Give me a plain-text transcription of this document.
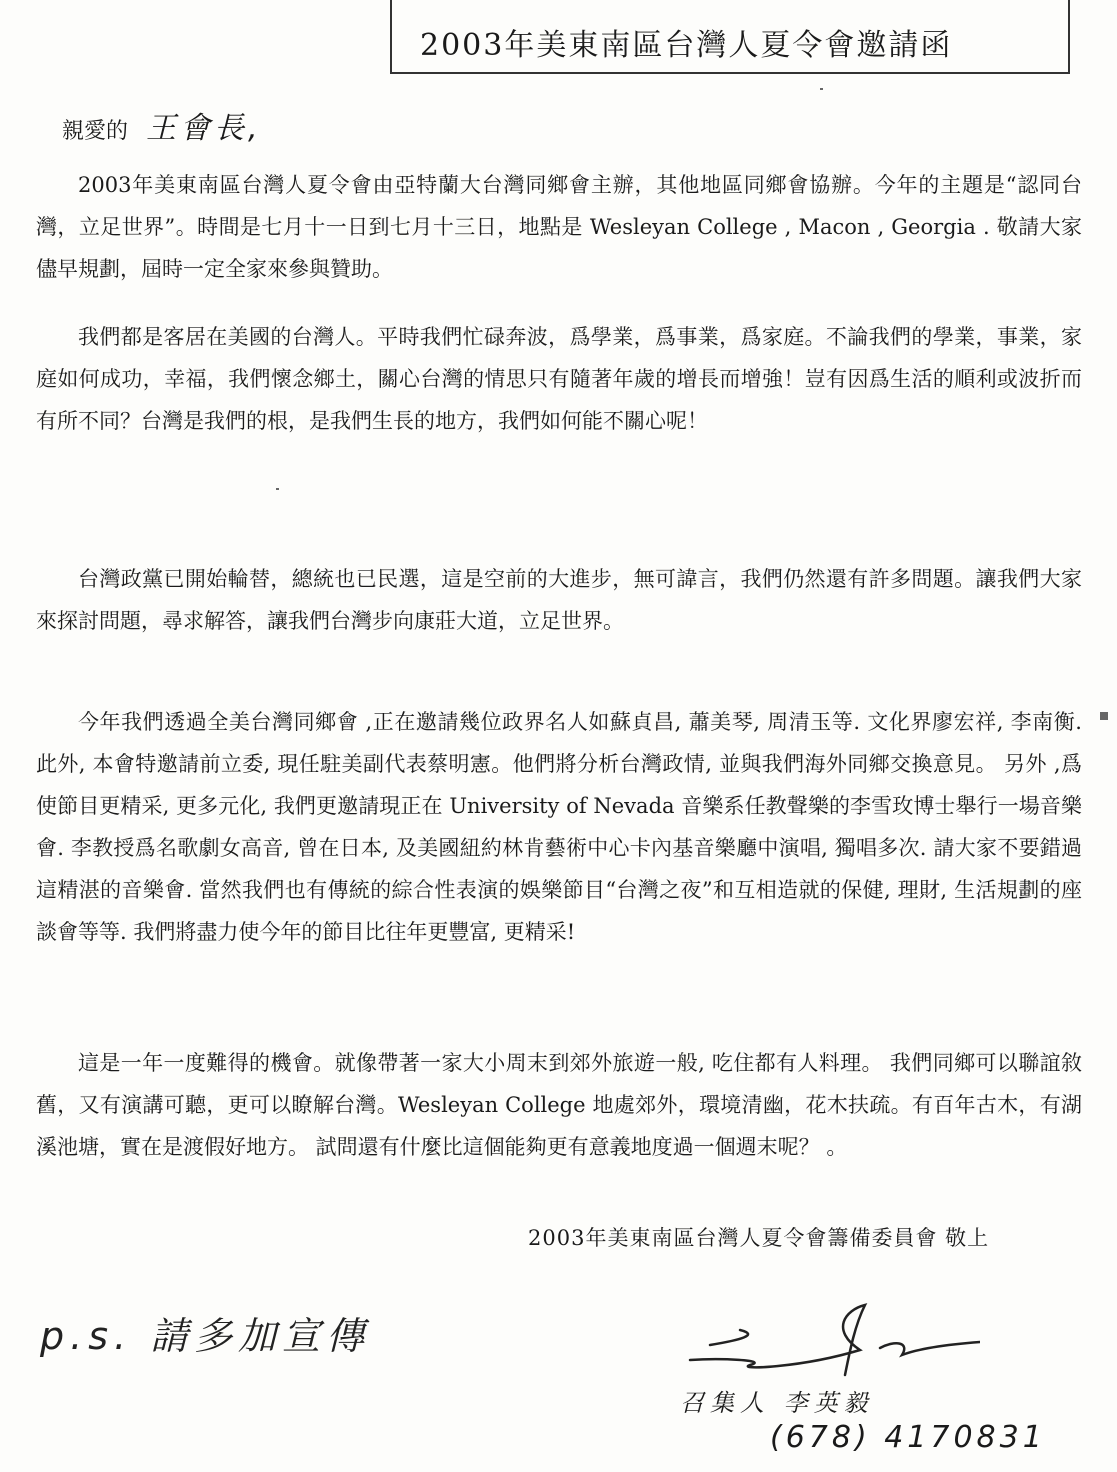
2003年美東南區台灣人夏令會邀請函
親愛的 王會長,

2003年美東南區台灣人夏令會由亞特蘭大台灣同鄉會主辦，其他地區同鄉會協辦。今年的主題是“認同台灣，立足世界”。時間是七月十一日到七月十三日，地點是 Wesleyan College , Macon , Georgia . 敬請大家儘早規劃，屆時一定全家來參與贊助。

我們都是客居在美國的台灣人。平時我們忙碌奔波，爲學業，爲事業，爲家庭。不論我們的學業，事業，家庭如何成功，幸福，我們懷念鄉土，關心台灣的情思只有隨著年歲的增長而增強！豈有因爲生活的順利或波折而有所不同？台灣是我們的根，是我們生長的地方，我們如何能不關心呢！

台灣政黨已開始輪替，總統也已民選，這是空前的大進步，無可諱言，我們仍然還有許多問題。讓我們大家來探討問題，尋求解答，讓我們台灣步向康莊大道，立足世界。

今年我們透過全美台灣同鄉會 ,正在邀請幾位政界名人如蘇貞昌, 蕭美琴, 周清玉等. 文化界廖宏祥, 李南衡. 此外, 本會特邀請前立委, 現任駐美副代表蔡明憲。他們將分析台灣政情, 並與我們海外同鄉交換意見。 另外 ,爲使節目更精采, 更多元化, 我們更邀請現正在 University of Nevada 音樂系任教聲樂的李雪玫博士舉行一場音樂會. 李教授爲名歌劇女高音, 曾在日本, 及美國紐約林肯藝術中心卡內基音樂廳中演唱, 獨唱多次. 請大家不要錯過這精湛的音樂會. 當然我們也有傳統的綜合性表演的娛樂節目“台灣之夜”和互相造就的保健, 理財, 生活規劃的座談會等等. 我們將盡力使今年的節目比往年更豐富, 更精采!

這是一年一度難得的機會。就像帶著一家大小周末到郊外旅遊一般, 吃住都有人料理。 我們同鄉可以聯誼敘舊，又有演講可聽，更可以瞭解台灣。Wesleyan College 地處郊外，環境清幽，花木扶疏。有百年古木，有湖溪池塘，實在是渡假好地方。 試問還有什麼比這個能夠更有意義地度過一個週末呢？ 。

2003年美東南區台灣人夏令會籌備委員會 敬上
p.s. 請多加宣傳
召集人 李英毅
(678) 4170831
